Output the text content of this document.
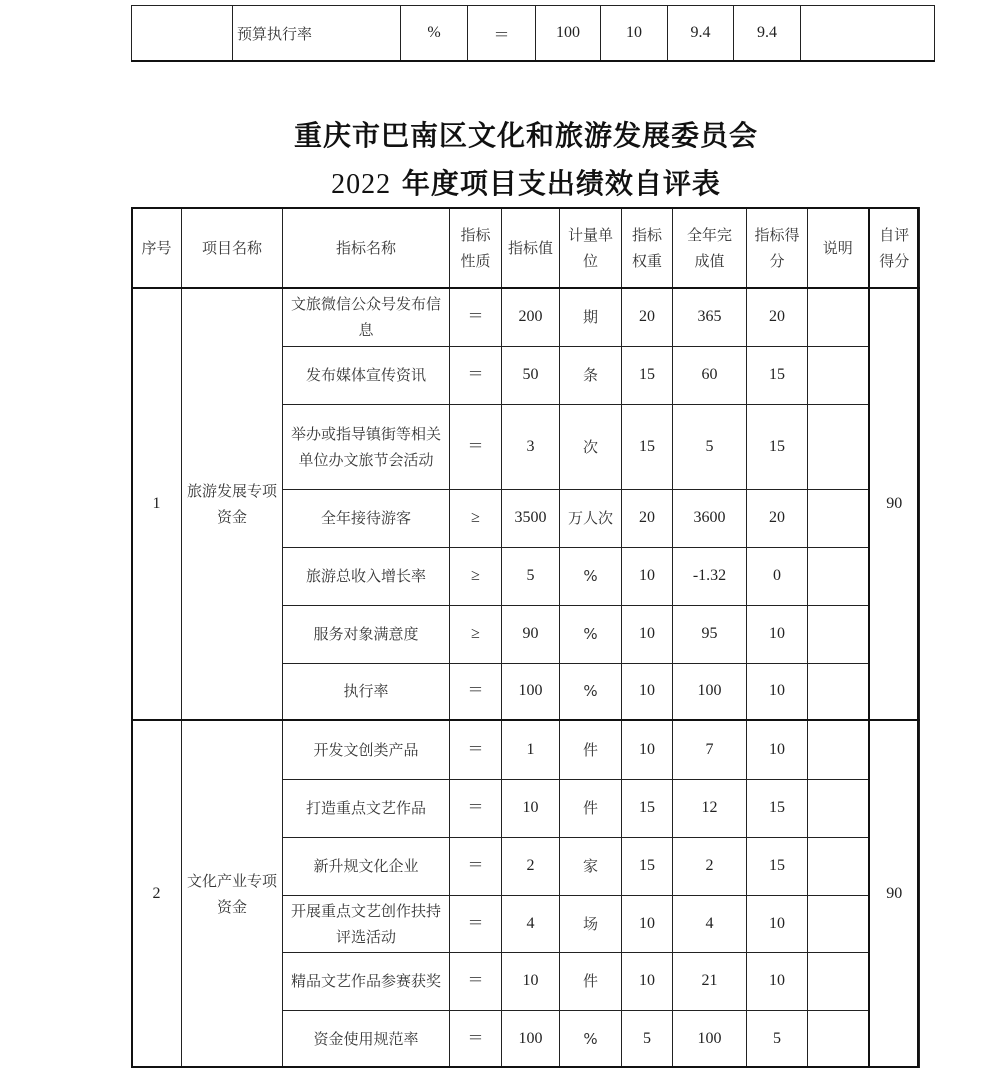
	预算执行率	%	＝	100	10	9.4	9.4	
重庆市巴南区文化和旅游发展委员会
2022 年度项目支出绩效自评表
序号	项目名称	指标名称	指标性质	指标值	计量单位	指标权重	全年完成值	指标得分	说明	自评得分
1	旅游发展专项资金	文旅微信公众号发布信息	＝	200	期	20	365	20		90
		发布媒体宣传资讯	＝	50	条	15	60	15		
		举办或指导镇街等相关单位办文旅节会活动	＝	3	次	15	5	15		
		全年接待游客	≥	3500	万人次	20	3600	20		
		旅游总收入增长率	≥	5	%	10	-1.32	0		
		服务对象满意度	≥	90	%	10	95	10		
		执行率	＝	100	%	10	100	10		
2	文化产业专项资金	开发文创类产品	＝	1	件	10	7	10		90
		打造重点文艺作品	＝	10	件	15	12	15		
		新升规文化企业	＝	2	家	15	2	15		
		开展重点文艺创作扶持评选活动	＝	4	场	10	4	10		
		精品文艺作品参赛获奖	＝	10	件	10	21	10		
		资金使用规范率	＝	100	%	5	100	5		
